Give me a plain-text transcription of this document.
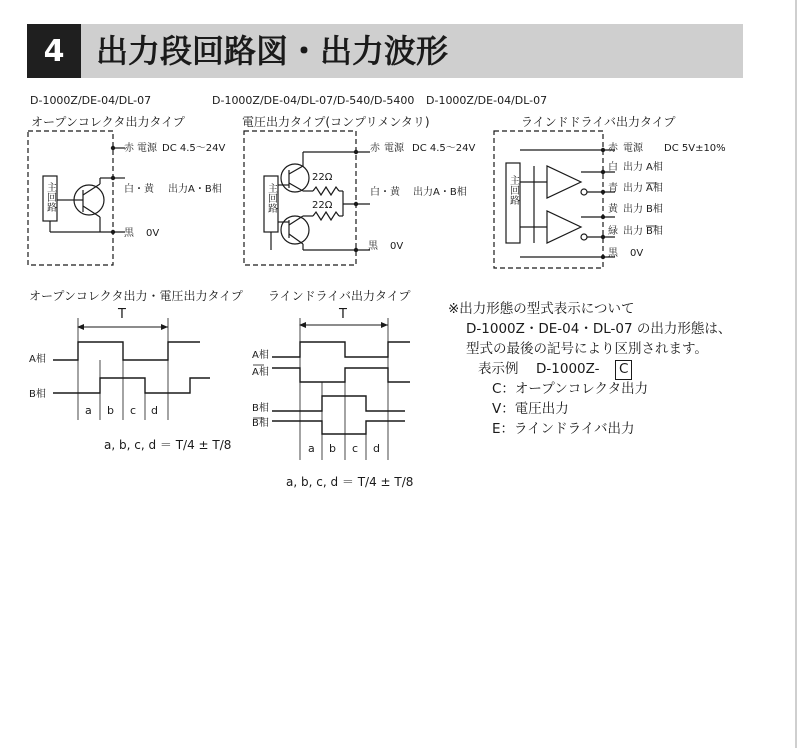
4 出力段回路図・出力波形
D-1000Z/DE-04/DL-07	D-1000Z/DE-04/DL-07/D-540/D-5400 D-1000Z/DE-04/DL-07
オープンコレクタ出力タイプ	電圧出力タイプ(コンプリメンタリ)	ラインドドライバ出力タイプ
オープンコレクタ出力・電圧出力タイプ ラインドライバ出力タイプ
※出力形態の型式表示について
D-1000Z・DE-04・DL-07 の出力形態は、
型式の最後の記号により区別されます。
表示例 D-1000Z- C
C：オープンコレクタ出力
V：電圧出力
E：ラインドライバ出力
a, b, c, d ＝ T/4 ± T/8
a, b, c, d ＝ T/4 ± T/8
主回路	主回路	主回路
22Ω
22Ω
赤 電源 DC 4.5～24V
白・黄 出力A・B相
黒 0V
赤 電源 DC 4.5～24V
白・黄 出力A・B相
黒 0V
赤 電源 DC 5V±10%
白 出力 A相
青 出力 A相
黄 出力 B相
緑 出力 B相
黒 0V
T
A相
B相
a b c d
T
A相
A相
B相
B相
a b c d
